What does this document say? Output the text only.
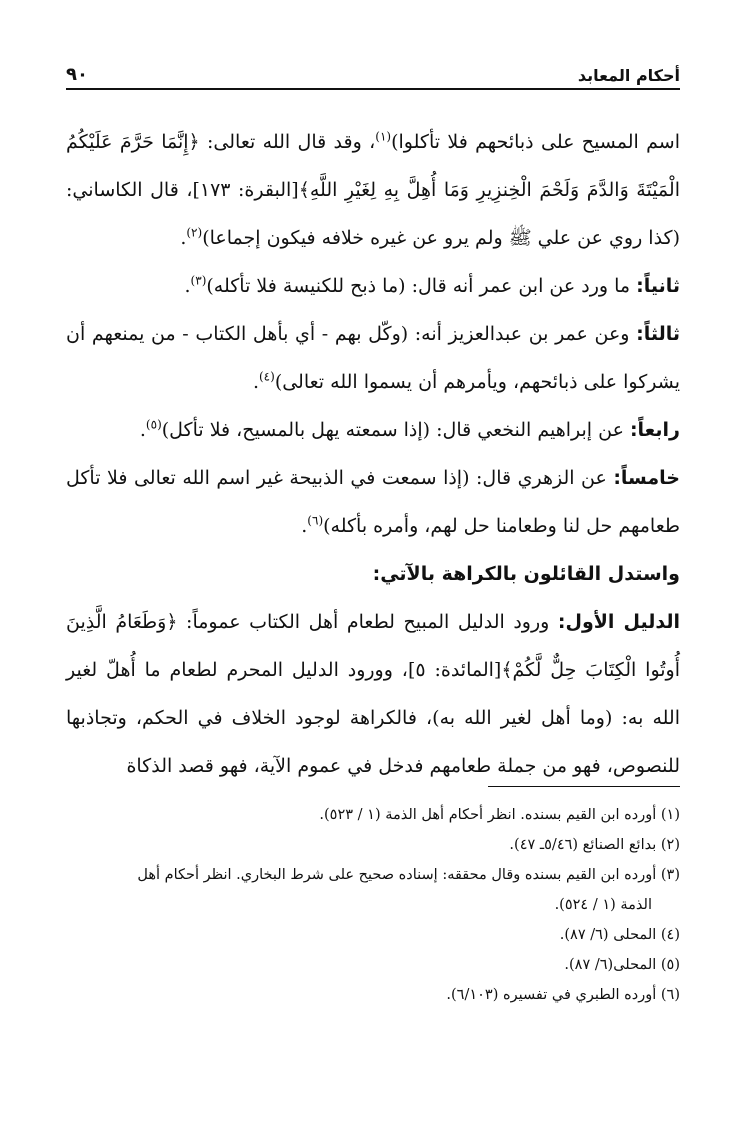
أحكام المعابد
٩٠

اسم المسيح على ذبائحهم فلا تأكلوا)$^{(١)}$، وقد قال الله تعالى: ﴿إِنَّمَا حَرَّمَ عَلَيْكُمُ الْمَيْتَةَ وَالدَّمَ وَلَحْمَ الْخِنزِيرِ وَمَا أُهِلَّ بِهِ لِغَيْرِ اللَّهِ﴾[البقرة: ١٧٣]، قال الكاساني: (كذا روي عن علي ﷺ ولم يرو عن غيره خلافه فيكون إجماعا)$^{(٢)}$.

ثانياً: ما ورد عن ابن عمر أنه قال: (ما ذبح للكنيسة فلا تأكله)$^{(٣)}$.

ثالثاً: وعن عمر بن عبدالعزيز أنه: (وكّل بهم - أي بأهل الكتاب - من يمنعهم أن يشركوا على ذبائحهم، ويأمرهم أن يسموا الله تعالى)$^{(٤)}$.

رابعاً: عن إبراهيم النخعي قال: (إذا سمعته يهل بالمسيح، فلا تأكل)$^{(٥)}$.

خامساً: عن الزهري قال: (إذا سمعت في الذبيحة غير اسم الله تعالى فلا تأكل طعامهم حل لنا وطعامنا حل لهم، وأمره بأكله)$^{(٦)}$.

واستدل القائلون بالكراهة بالآتي:

الدليل الأول: ورود الدليل المبيح لطعام أهل الكتاب عموماً: ﴿وَطَعَامُ الَّذِينَ أُوتُوا الْكِتَابَ حِلٌّ لَّكُمْ﴾[المائدة: ٥]، وورود الدليل المحرم لطعام ما أُهلّ لغير الله به: (وما أهل لغير الله به)، فالكراهة لوجود الخلاف في الحكم، وتجاذبها للنصوص، فهو من جملة طعامهم فدخل في عموم الآية، فهو قصد الذكاة

(١) أورده ابن القيم بسنده. انظر أحكام أهل الذمة (١ / ٥٢٣).
(٢) بدائع الصنائع (٥/٤٦ـ ٤٧).
(٣) أورده ابن القيم بسنده وقال محققه: إسناده صحيح على شرط البخاري. انظر أحكام أهل
الذمة (١ / ٥٢٤).
(٤) المحلى (٦/ ٨٧).
(٥) المحلى(٦/ ٨٧).
(٦) أورده الطبري في تفسيره (٦/١٠٣).
